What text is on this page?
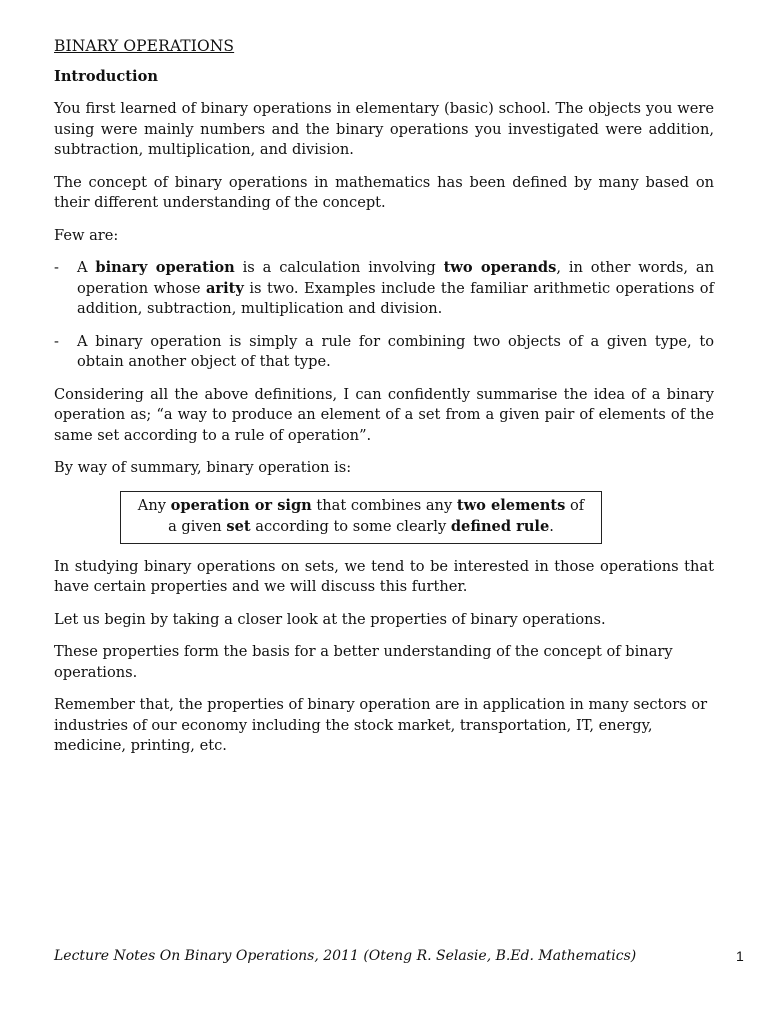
BINARY OPERATIONS
Introduction

You first learned of binary operations in elementary (basic) school. The objects you were using were mainly numbers and the binary operations you investigated were addition, subtraction, multiplication, and division.

The concept of binary operations in mathematics has been defined by many based on their different understanding of the concept.

Few are:

- A binary operation is a calculation involving two operands, in other words, an operation whose arity is two. Examples include the familiar arithmetic operations of addition, subtraction, multiplication and division.
- A binary operation is simply a rule for combining two objects of a given type, to obtain another object of that type.

Considering all the above definitions, I can confidently summarise the idea of a binary operation as; “a way to produce an element of a set from a given pair of elements of the same set according to a rule of operation”.

By way of summary, binary operation is:

Any operation or sign that combines any two elements of a given set according to some clearly defined rule.

In studying binary operations on sets, we tend to be interested in those operations that have certain properties and we will discuss this further.

Let us begin by taking a closer look at the properties of binary operations.

These properties form the basis for a better understanding of the concept of binary operations.

Remember that, the properties of binary operation are in application in many sectors or industries of our economy including the stock market, transportation, IT, energy, medicine, printing, etc.

Lecture Notes On Binary Operations, 2011 (Oteng R. Selasie, B.Ed. Mathematics)	1
